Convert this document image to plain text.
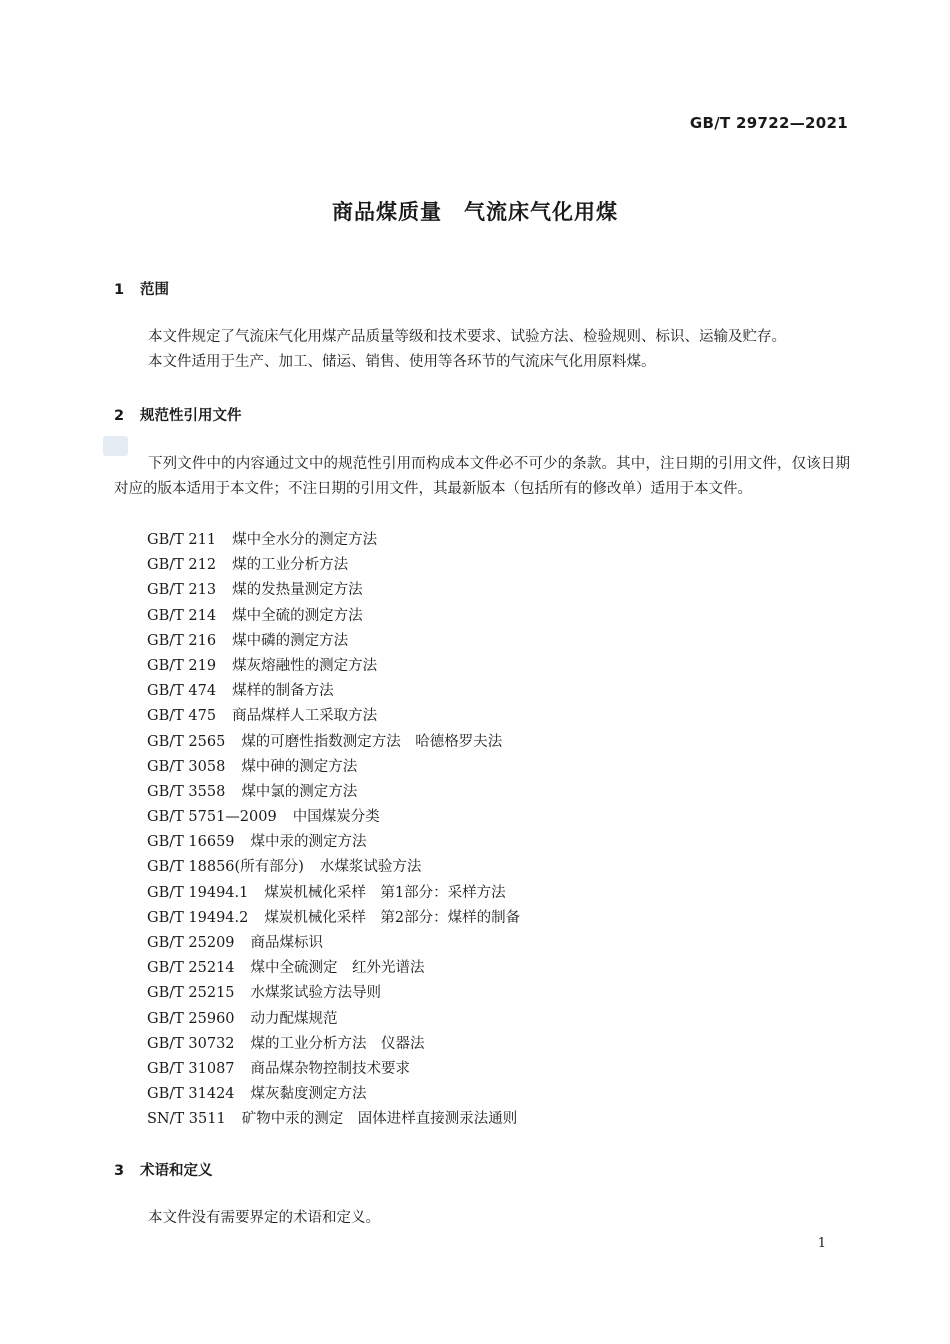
GB/T 29722—2021
商品煤质量　气流床气化用煤
1 范围

本文件规定了气流床气化用煤产品质量等级和技术要求、试验方法、检验规则、标识、运输及贮存。

本文件适用于生产、加工、储运、销售、使用等各环节的气流床气化用原料煤。

2 规范性引用文件

下列文件中的内容通过文中的规范性引用而构成本文件必不可少的条款。其中，注日期的引用文件，仅该日期对应的版本适用于本文件；不注日期的引用文件，其最新版本（包括所有的修改单）适用于本文件。

GB/T 211 煤中全水分的测定方法
GB/T 212 煤的工业分析方法
GB/T 213 煤的发热量测定方法
GB/T 214 煤中全硫的测定方法
GB/T 216 煤中磷的测定方法
GB/T 219 煤灰熔融性的测定方法
GB/T 474 煤样的制备方法
GB/T 475 商品煤样人工采取方法
GB/T 2565 煤的可磨性指数测定方法　哈德格罗夫法
GB/T 3058 煤中砷的测定方法
GB/T 3558 煤中氯的测定方法
GB/T 5751—2009 中国煤炭分类
GB/T 16659 煤中汞的测定方法
GB/T 18856(所有部分) 水煤浆试验方法
GB/T 19494.1 煤炭机械化采样　第1部分：采样方法
GB/T 19494.2 煤炭机械化采样　第2部分：煤样的制备
GB/T 25209 商品煤标识
GB/T 25214 煤中全硫测定　红外光谱法
GB/T 25215 水煤浆试验方法导则
GB/T 25960 动力配煤规范
GB/T 30732 煤的工业分析方法　仪器法
GB/T 31087 商品煤杂物控制技术要求
GB/T 31424 煤灰黏度测定方法
SN/T 3511 矿物中汞的测定　固体进样直接测汞法通则
3 术语和定义

本文件没有需要界定的术语和定义。

1
